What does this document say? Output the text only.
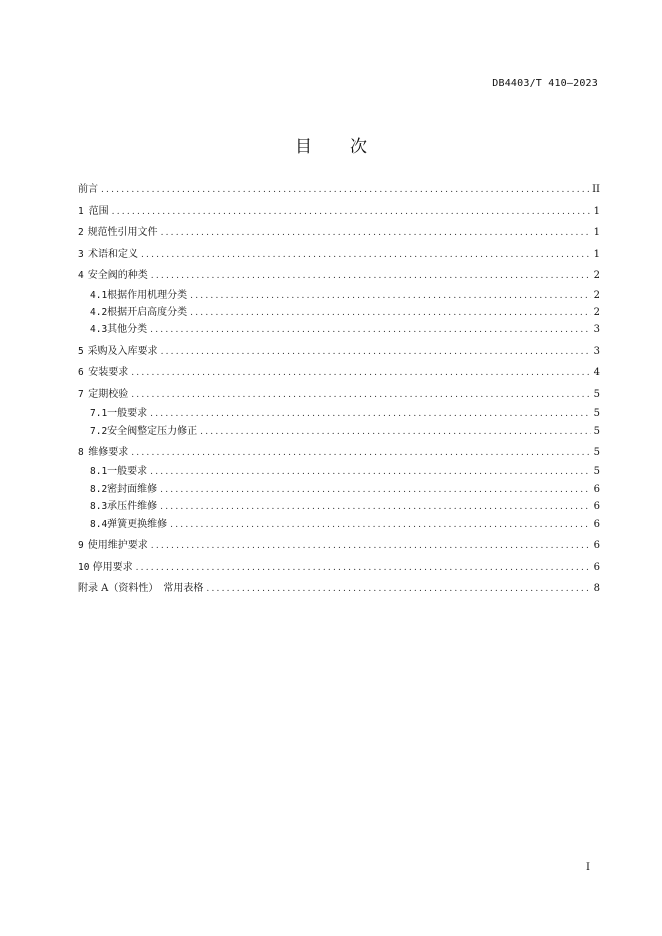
DB4403/T 410—2023
目 次
前言 .....	II
1 范围 .....	1
2 规范性引用文件 .....	1
3 术语和定义 .....	1
4 安全阀的种类 .....	2
4.1 根据作用机理分类 .....	2
4.2 根据开启高度分类 .....	2
4.3 其他分类 .....	3
5 采购及入库要求 .....	3
6 安装要求 .....	4
7 定期校验 .....	5
7.1 一般要求 .....	5
7.2 安全阀整定压力修正 .....	5
8 维修要求 .....	5
8.1 一般要求 .....	5
8.2 密封面维修 .....	6
8.3 承压件维修 .....	6
8.4 弹簧更换维修 .....	6
9 使用维护要求 .....	6
10 停用要求 .....	6
附录 A（资料性）　常用表格 .....	8
I
